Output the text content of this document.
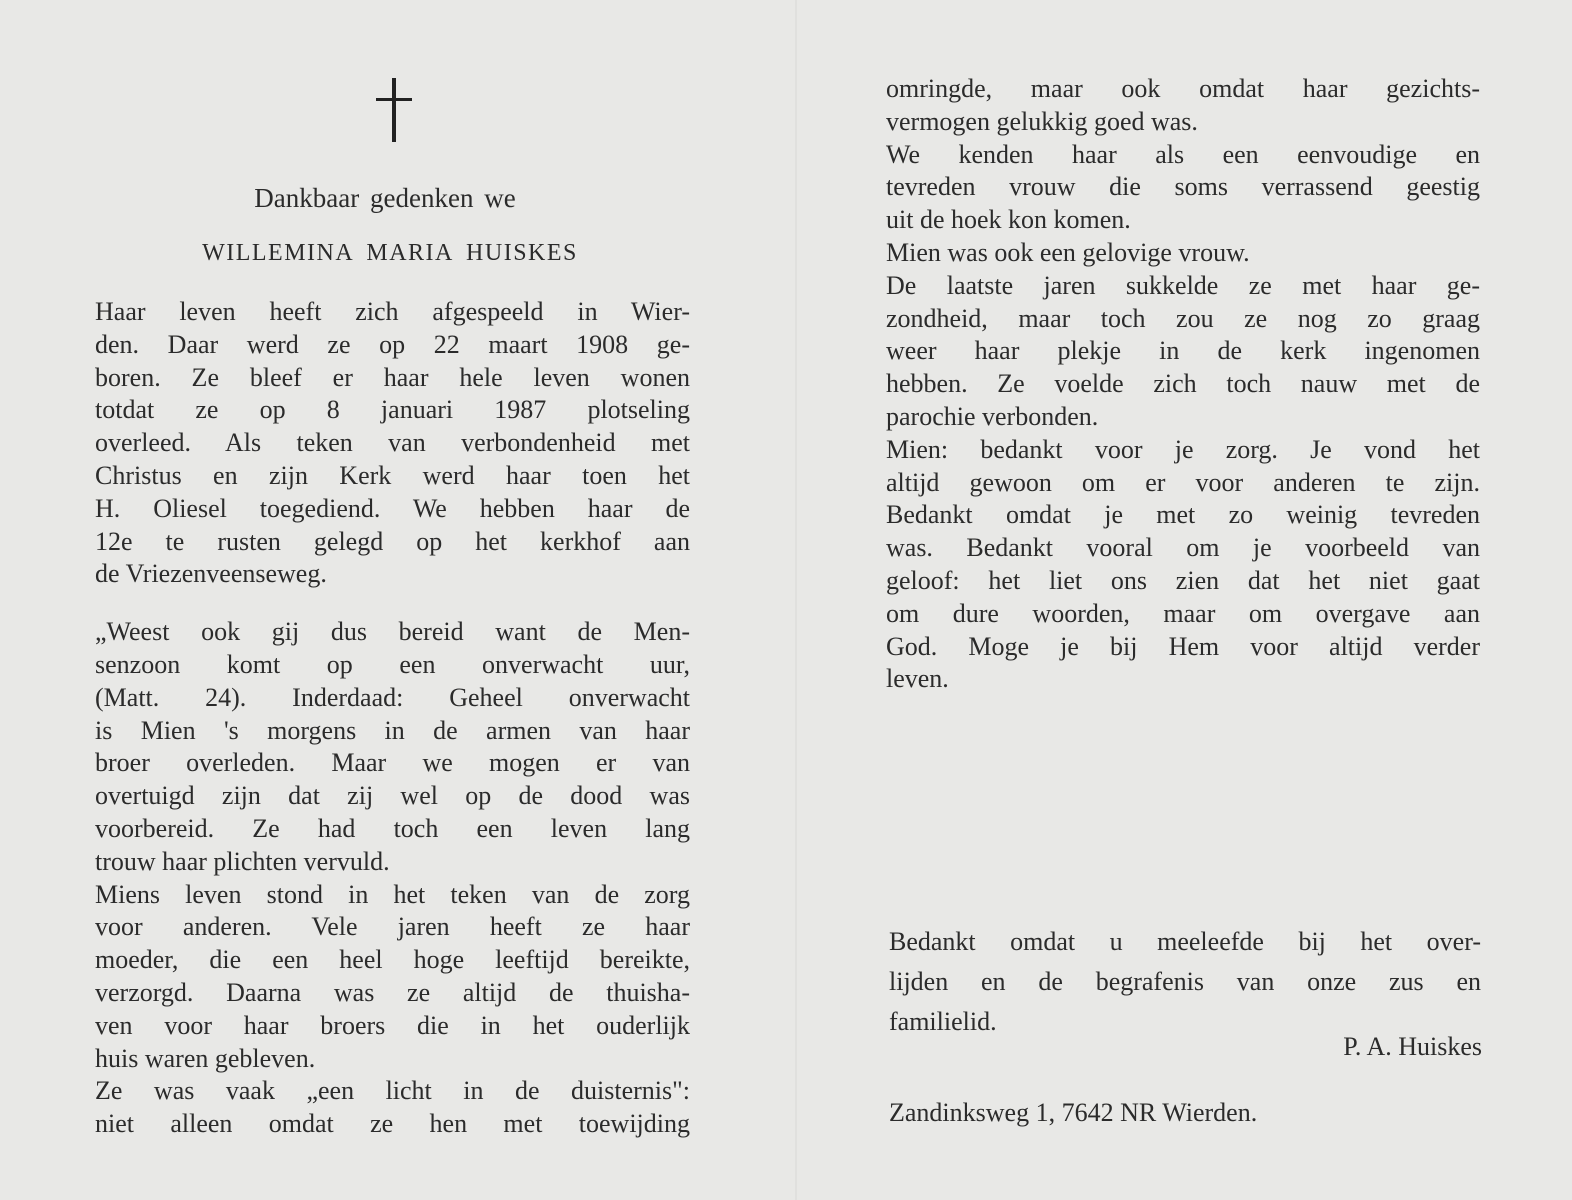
Dankbaar gedenken we
WILLEMINA MARIA HUISKES
Haar leven heeft zich afgespeeld in Wier-
den. Daar werd ze op 22 maart 1908 ge-
boren. Ze bleef er haar hele leven wonen
totdat ze op 8 januari 1987 plotseling
overleed. Als teken van verbondenheid met
Christus en zijn Kerk werd haar toen het
H. Oliesel toegediend. We hebben haar de
12e te rusten gelegd op het kerkhof aan
de Vriezenveenseweg.
„Weest ook gij dus bereid want de Men-
senzoon komt op een onverwacht uur,
(Matt. 24). Inderdaad: Geheel onverwacht
is Mien 's morgens in de armen van haar
broer overleden. Maar we mogen er van
overtuigd zijn dat zij wel op de dood was
voorbereid. Ze had toch een leven lang
trouw haar plichten vervuld.
Miens leven stond in het teken van de zorg
voor anderen. Vele jaren heeft ze haar
moeder, die een heel hoge leeftijd bereikte,
verzorgd. Daarna was ze altijd de thuisha-
ven voor haar broers die in het ouderlijk
huis waren gebleven.
Ze was vaak „een licht in de duisternis":
niet alleen omdat ze hen met toewijding
omringde, maar ook omdat haar gezichts-
vermogen gelukkig goed was.
We kenden haar als een eenvoudige en
tevreden vrouw die soms verrassend geestig
uit de hoek kon komen.
Mien was ook een gelovige vrouw.
De laatste jaren sukkelde ze met haar ge-
zondheid, maar toch zou ze nog zo graag
weer haar plekje in de kerk ingenomen
hebben. Ze voelde zich toch nauw met de
parochie verbonden.
Mien: bedankt voor je zorg. Je vond het
altijd gewoon om er voor anderen te zijn.
Bedankt omdat je met zo weinig tevreden
was. Bedankt vooral om je voorbeeld van
geloof: het liet ons zien dat het niet gaat
om dure woorden, maar om overgave aan
God. Moge je bij Hem voor altijd verder
leven.
Bedankt omdat u meeleefde bij het over-
lijden en de begrafenis van onze zus en
familielid.
P. A. Huiskes
Zandinksweg 1, 7642 NR Wierden.
